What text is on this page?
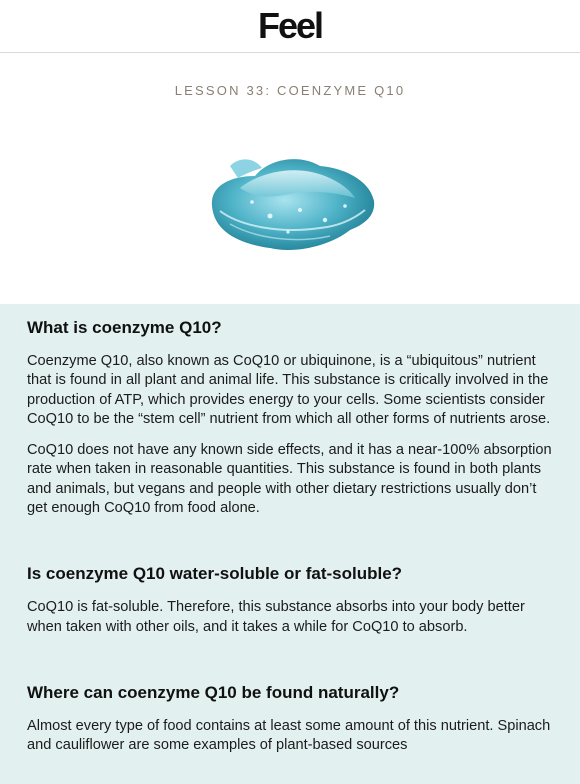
Feel
LESSON 33: COENZYME Q10
What is coenzyme Q10?

Coenzyme Q10, also known as CoQ10 or ubiquinone, is a “ubiquitous” nutrient that is found in all plant and animal life. This substance is critically involved in the production of ATP, which provides energy to your cells. Some scientists consider CoQ10 to be the “stem cell” nutrient from which all other forms of nutrients arose.

CoQ10 does not have any known side effects, and it has a near-100% absorption rate when taken in reasonable quantities. This substance is found in both plants and animals, but vegans and people with other dietary restrictions usually don’t get enough CoQ10 from food alone.

Is coenzyme Q10 water-soluble or fat-soluble?

CoQ10 is fat-soluble. Therefore, this substance absorbs into your body better when taken with other oils, and it takes a while for CoQ10 to absorb.

Where can coenzyme Q10 be found naturally?

Almost every type of food contains at least some amount of this nutrient. Spinach and cauliflower are some examples of plant-based sources
